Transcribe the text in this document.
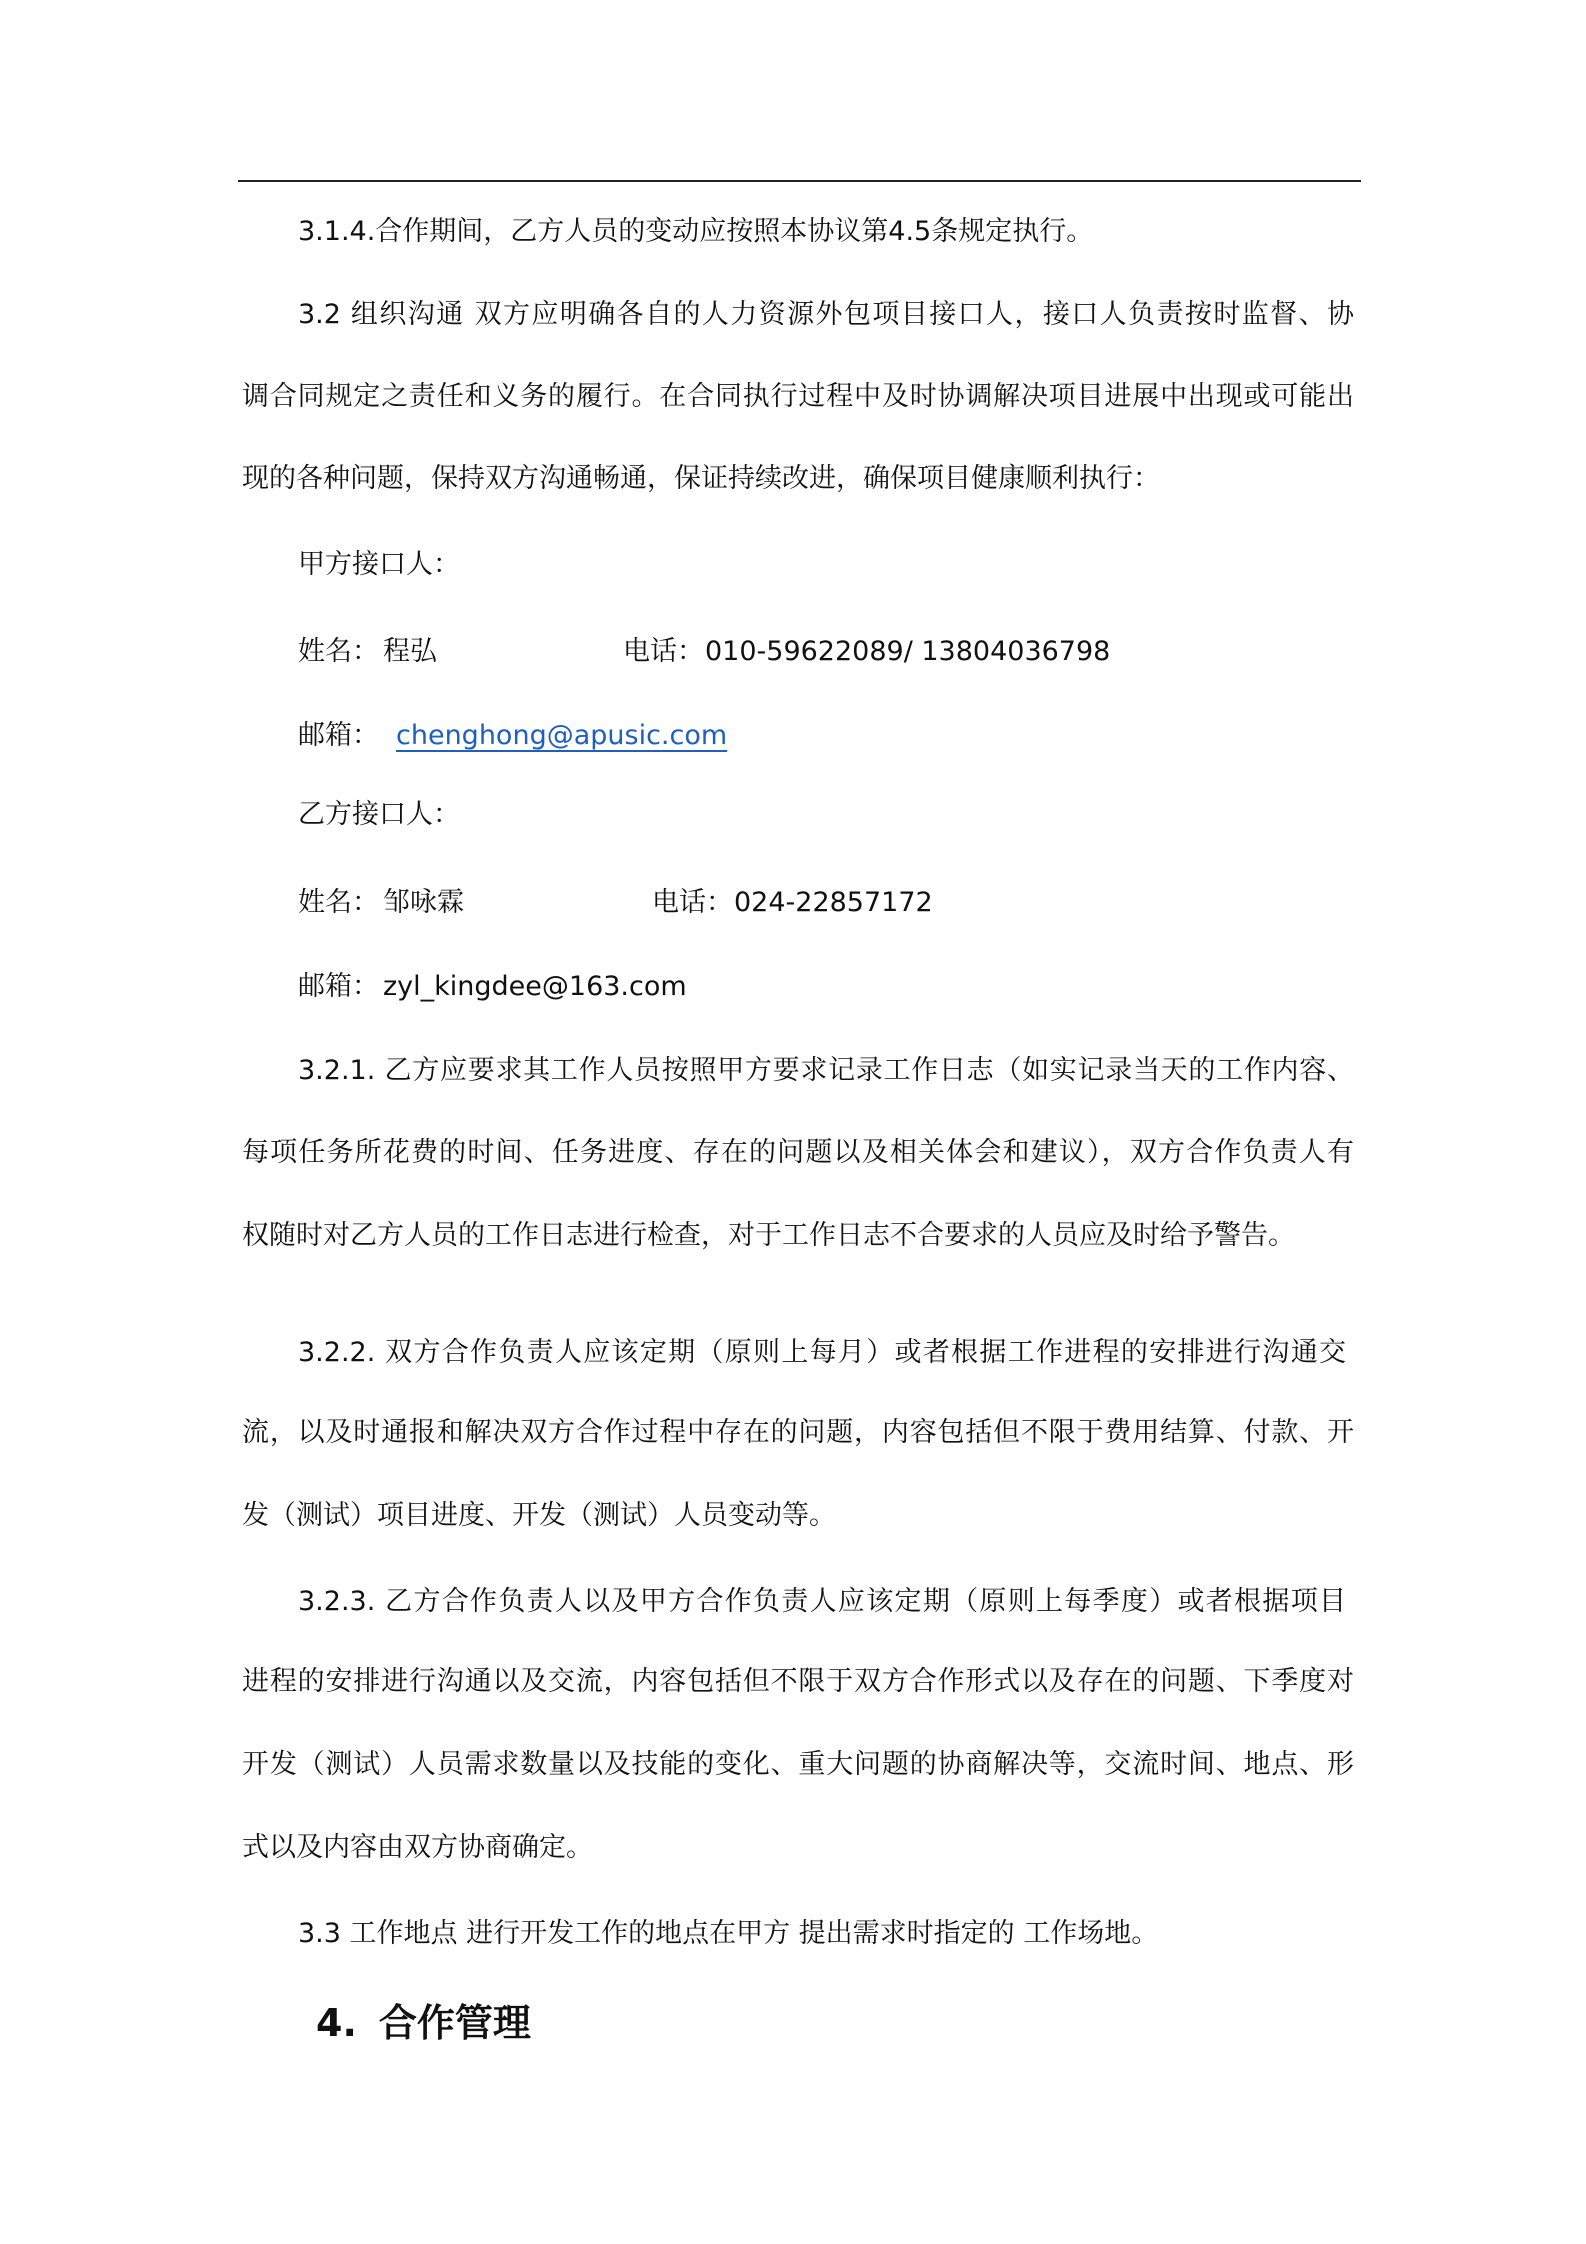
3.1.4.合作期间，乙方人员的变动应按照本协议第4.5条规定执行。
3.2 组织沟通 双方应明确各自的人力资源外包项目接口人，接口人负责按时监督、协
调合同规定之责任和义务的履行。在合同执行过程中及时协调解决项目进展中出现或可能出
现的各种问题，保持双方沟通畅通，保证持续改进，确保项目健康顺利执行：
甲方接口人：
姓名： 程弘	电话： 010-59622089/ 13804036798
邮箱： chenghong@apusic.com
乙方接口人：
姓名： 邹咏霖	电话： 024-22857172
邮箱： zyl_kingdee@163.com
3.2.1. 乙方应要求其工作人员按照甲方要求记录工作日志（如实记录当天的工作内容、
每项任务所花费的时间、任务进度、存在的问题以及相关体会和建议），双方合作负责人有
权随时对乙方人员的工作日志进行检查，对于工作日志不合要求的人员应及时给予警告。
3.2.2. 双方合作负责人应该定期（原则上每月）或者根据工作进程的安排进行沟通交
流，以及时通报和解决双方合作过程中存在的问题，内容包括但不限于费用结算、付款、开
发（测试）项目进度、开发（测试）人员变动等。
3.2.3. 乙方合作负责人以及甲方合作负责人应该定期（原则上每季度）或者根据项目
进程的安排进行沟通以及交流，内容包括但不限于双方合作形式以及存在的问题、下季度对
开发（测试）人员需求数量以及技能的变化、重大问题的协商解决等，交流时间、地点、形
式以及内容由双方协商确定。
3.3 工作地点 进行开发工作的地点在甲方 提出需求时指定的 工作场地。
4. 合作管理
